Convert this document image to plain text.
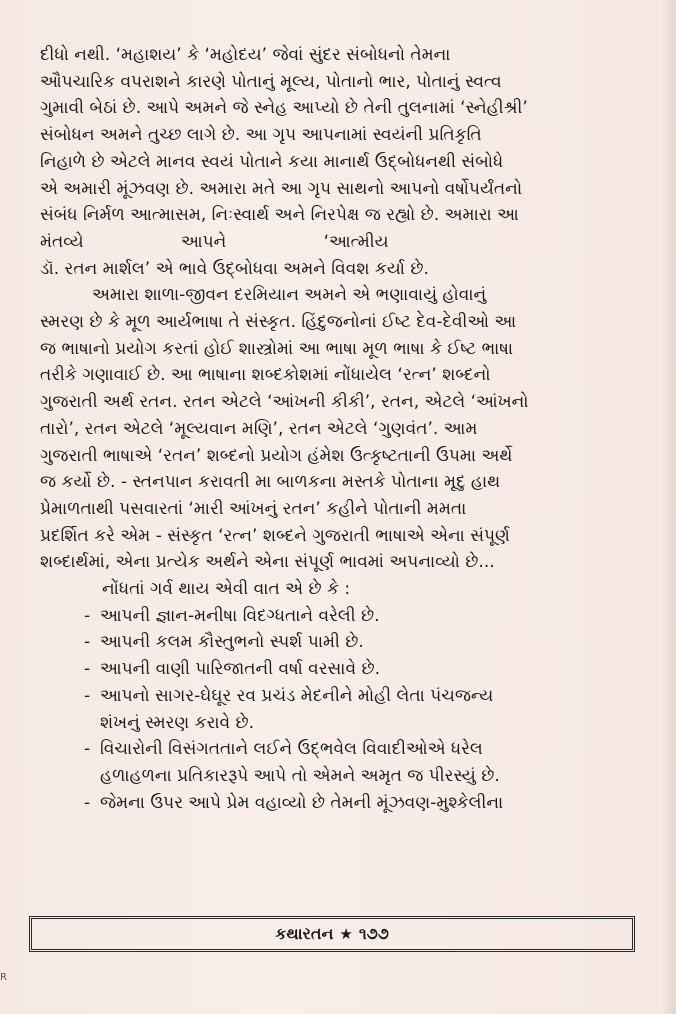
દીધો નથી. ‘મહાશય’ કે ‘મહોદય’ જેવાં સુંદર સંબોધનો તેમના
ઔપચારિક વપરાશને કારણે પોતાનું મૂલ્ય, પોતાનો ભાર, પોતાનું સ્વત્વ
ગુમાવી બેઠાં છે. આપે અમને જે સ્નેહ આપ્યો છે તેની તુલનામાં ‘સ્નેહીશ્રી’
સંબોધન અમને તુચ્છ લાગે છે. આ ગૃપ આપનામાં સ્વયંની પ્રતિકૃતિ
નિહાળે છે એટલે માનવ સ્વયં પોતાને કયા માનાર્થ ઉદ્‌બોધનથી સંબોધે
એ અમારી મૂંઝવણ છે. અમારા મતે આ ગૃપ સાથનો આપનો વર્ષોપર્યંતનો
સંબંધ નિર્મળ આત્માસમ, નિઃસ્વાર્થ અને નિરપેક્ષ જ રહ્યો છે. અમારા આ
મંતવ્યે                  આપને                  ‘આત્મીય
ડૉ. રતન માર્શલ’ એ ભાવે ઉદ્‌બોધવા અમને વિવશ કર્યા છે.
અમારા શાળા-જીવન દરમિયાન અમને એ ભણાવાયું હોવાનું
સ્મરણ છે કે મૂળ આર્યભાષા તે સંસ્કૃત. હિંદુજનોનાં ઈષ્ટ દેવ-દેવીઓ આ
જ ભાષાનો પ્રયોગ કરતાં હોઈ શાસ્ત્રોમાં આ ભાષા મૂળ ભાષા કે ઈષ્ટ ભાષા
તરીકે ગણાવાઈ છે. આ ભાષાના શબ્દકોશમાં નોંધાયેલ ‘રત્ન’ શબ્દનો
ગુજરાતી અર્થ રતન. રતન એટલે ‘આંખની કીકી’, રતન, એટલે ‘આંખનો
તારો’, રતન એટલે ‘મૂલ્યવાન મણિ’, રતન એટલે ‘ગુણવંત’. આમ
ગુજરાતી ભાષાએ ‘રતન’ શબ્દનો પ્રયોગ હંમેશ ઉત્કૃષ્ટતાની ઉપમા અર્થે
જ કર્યો છે. - સ્તનપાન કરાવતી મા બાળકના મસ્તકે પોતાના મૃદુ હાથ
પ્રેમાળતાથી પસવારતાં ‘મારી આંખનું રતન’ કહીને પોતાની મમતા
પ્રદર્શિત કરે એમ - સંસ્કૃત ‘રત્ન’ શબ્દને ગુજરાતી ભાષાએ એના સંપૂર્ણ
શબ્દાર્થમાં, એના પ્રત્યેક અર્થને એના સંપૂર્ણ ભાવમાં અપનાવ્યો છે...
નોંધતાં ગર્વ થાય એવી વાત એ છે કે :
- આપની જ્ઞાન-મનીષા વિદગ્ધતાને વરેલી છે.
- આપની કલમ કૌસ્તુભનો સ્પર્શ પામી છે.
- આપની વાણી પારિજાતની વર્ષા વરસાવે છે.
- આપનો સાગર-ઘેઘૂર રવ પ્રચંડ મેદનીને મોહી લેતા પંચજન્ય
શંખનું સ્મરણ કરાવે છે.
- વિચારોની વિસંગતતાને લઈને ઉદ્‌ભવેલ વિવાદીઓએ ધરેલ
હળાહળના પ્રતિકારરૂપે આપે તો એમને અમૃત જ પીરસ્યું છે.
- જેમના ઉપર આપે પ્રેમ વહાવ્યો છે તેમની મૂંઝવણ-મુશ્કેલીના
કથારતન ★ ૧૭૭
R
